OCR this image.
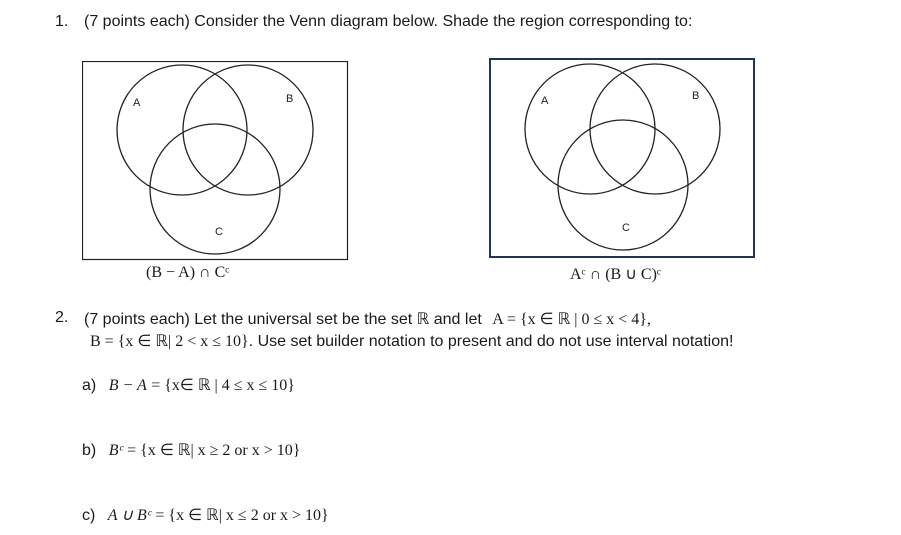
1. (7 points each) Consider the Venn diagram below. Shade the region corresponding to:
A	B
C
(B − A) ∩ Cᶜ
A	B
C
Aᶜ ∩ (B ∪ C)ᶜ
2. (7 points each) Let the universal set be the set ℝ and let A = {x ∈ ℝ | 0 ≤ x < 4},
B = {x ∈ ℝ| 2 < x ≤ 10}. Use set builder notation to present and do not use interval notation!
a) B − A = {x∈ ℝ | 4 ≤ x ≤ 10}
b) Bᶜ = {x ∈ ℝ| x ≥ 2 or x > 10}
c) A ∪ Bᶜ = {x ∈ ℝ| x ≤ 2 or x > 10}
